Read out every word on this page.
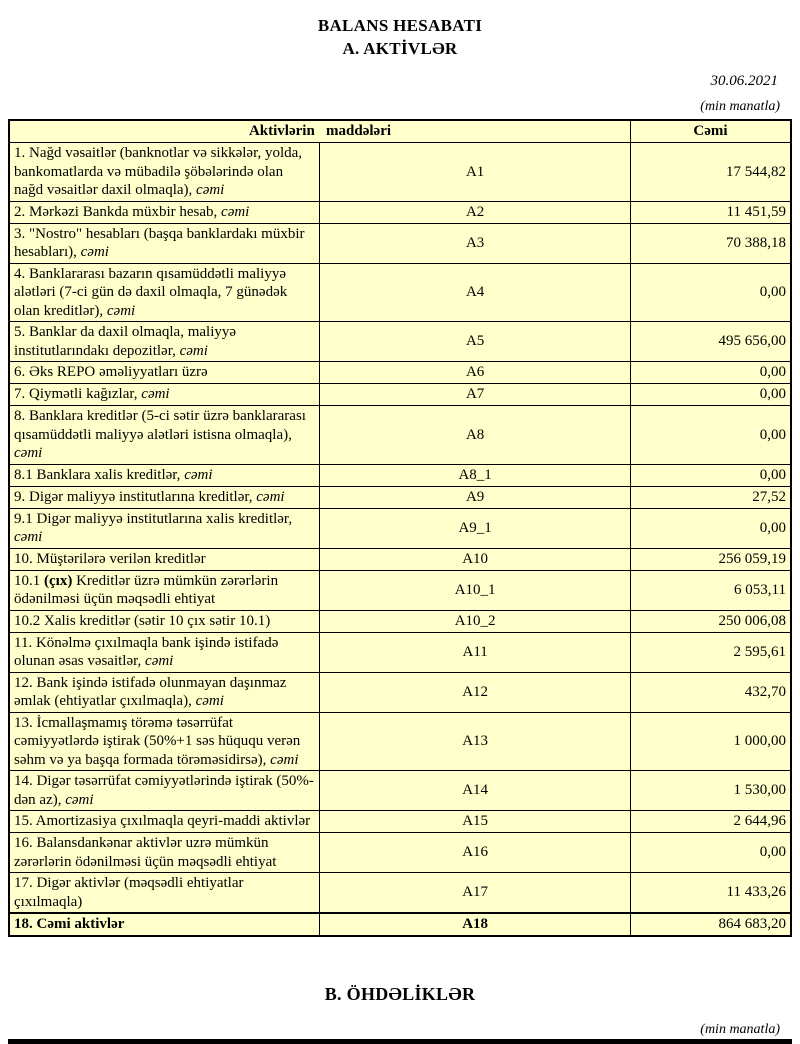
BALANS HESABATI
A. AKTİVLƏR
30.06.2021
(min manatla)
Aktivlərin   maddələri		Cəmi
1. Nağd vəsaitlər (banknotlar və sikkələr, yolda, bankomatlarda və mübadilə şöbələrində olan nağd vəsaitlər daxil olmaqla), cəmi	A1	17 544,82
2. Mərkəzi Bankda müxbir hesab, cəmi	A2	11 451,59
3. "Nostro" hesabları (başqa banklardakı müxbir hesabları), cəmi	A3	70 388,18
4. Banklararası bazarın qısamüddətli maliyyə alətləri (7-ci gün də daxil olmaqla, 7 günədək olan kreditlər), cəmi	A4	0,00
5. Banklar da daxil olmaqla, maliyyə institutlarındakı depozitlər, cəmi	A5	495 656,00
6. Əks REPO əməliyyatları üzrə	A6	0,00
7. Qiymətli kağızlar, cəmi	A7	0,00
8. Banklara kreditlər (5-ci sətir üzrə banklararası qısamüddətli maliyyə alətləri istisna olmaqla), cəmi	A8	0,00
8.1 Banklara xalis kreditlər, cəmi	A8_1	0,00
9. Digər maliyyə institutlarına kreditlər, cəmi	A9	27,52
9.1 Digər maliyyə institutlarına xalis kreditlər, cəmi	A9_1	0,00
10. Müştərilərə verilən kreditlər	A10	256 059,19
10.1 (çıx) Kreditlər üzrə mümkün zərərlərin ödənilməsi üçün məqsədli ehtiyat	A10_1	6 053,11
10.2 Xalis kreditlər (sətir 10 çıx sətir 10.1)	A10_2	250 006,08
11. Könəlmə çıxılmaqla bank işində istifadə olunan əsas vəsaitlər, cəmi	A11	2 595,61
12. Bank işində istifadə olunmayan daşınmaz əmlak (ehtiyatlar çıxılmaqla), cəmi	A12	432,70
13. İcmallaşmamış törəmə təsərrüfat cəmiyyətlərdə iştirak (50%+1 səs hüququ verən səhm və ya başqa formada törəməsidirsə), cəmi	A13	1 000,00
14. Digər təsərrüfat cəmiyyətlərində iştirak (50%-dən az), cəmi	A14	1 530,00
15. Amortizasiya çıxılmaqla qeyri-maddi aktivlər	A15	2 644,96
16. Balansdankənar aktivlər uzrə mümkün zərərlərin ödənilməsi üçün məqsədli ehtiyat	A16	0,00
17. Digər aktivlər (məqsədli ehtiyatlar çıxılmaqla)	A17	11 433,26
18. Cəmi aktivlər	A18	864 683,20
B. ÖHDƏLİKLƏR
(min manatla)
